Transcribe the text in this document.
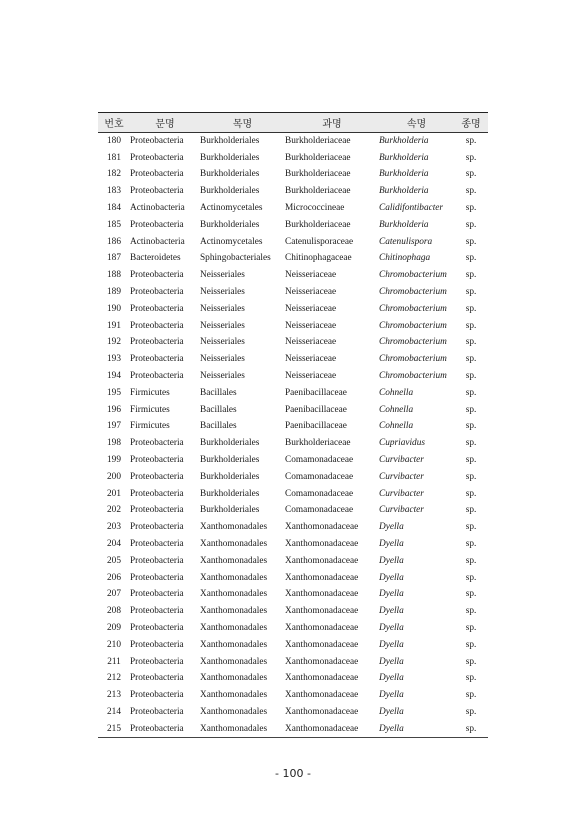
번호	문명	목명	과명	속명	종명
180	Proteobacteria	Burkholderiales	Burkholderiaceae	Burkholderia	sp.
181	Proteobacteria	Burkholderiales	Burkholderiaceae	Burkholderia	sp.
182	Proteobacteria	Burkholderiales	Burkholderiaceae	Burkholderia	sp.
183	Proteobacteria	Burkholderiales	Burkholderiaceae	Burkholderia	sp.
184	Actinobacteria	Actinomycetales	Micrococcineae	Calidifontibacter	sp.
185	Proteobacteria	Burkholderiales	Burkholderiaceae	Burkholderia	sp.
186	Actinobacteria	Actinomycetales	Catenulisporaceae	Catenulispora	sp.
187	Bacteroidetes	Sphingobacteriales	Chitinophagaceae	Chitinophaga	sp.
188	Proteobacteria	Neisseriales	Neisseriaceae	Chromobacterium	sp.
189	Proteobacteria	Neisseriales	Neisseriaceae	Chromobacterium	sp.
190	Proteobacteria	Neisseriales	Neisseriaceae	Chromobacterium	sp.
191	Proteobacteria	Neisseriales	Neisseriaceae	Chromobacterium	sp.
192	Proteobacteria	Neisseriales	Neisseriaceae	Chromobacterium	sp.
193	Proteobacteria	Neisseriales	Neisseriaceae	Chromobacterium	sp.
194	Proteobacteria	Neisseriales	Neisseriaceae	Chromobacterium	sp.
195	Firmicutes	Bacillales	Paenibacillaceae	Cohnella	sp.
196	Firmicutes	Bacillales	Paenibacillaceae	Cohnella	sp.
197	Firmicutes	Bacillales	Paenibacillaceae	Cohnella	sp.
198	Proteobacteria	Burkholderiales	Burkholderiaceae	Cupriavidus	sp.
199	Proteobacteria	Burkholderiales	Comamonadaceae	Curvibacter	sp.
200	Proteobacteria	Burkholderiales	Comamonadaceae	Curvibacter	sp.
201	Proteobacteria	Burkholderiales	Comamonadaceae	Curvibacter	sp.
202	Proteobacteria	Burkholderiales	Comamonadaceae	Curvibacter	sp.
203	Proteobacteria	Xanthomonadales	Xanthomonadaceae	Dyella	sp.
204	Proteobacteria	Xanthomonadales	Xanthomonadaceae	Dyella	sp.
205	Proteobacteria	Xanthomonadales	Xanthomonadaceae	Dyella	sp.
206	Proteobacteria	Xanthomonadales	Xanthomonadaceae	Dyella	sp.
207	Proteobacteria	Xanthomonadales	Xanthomonadaceae	Dyella	sp.
208	Proteobacteria	Xanthomonadales	Xanthomonadaceae	Dyella	sp.
209	Proteobacteria	Xanthomonadales	Xanthomonadaceae	Dyella	sp.
210	Proteobacteria	Xanthomonadales	Xanthomonadaceae	Dyella	sp.
211	Proteobacteria	Xanthomonadales	Xanthomonadaceae	Dyella	sp.
212	Proteobacteria	Xanthomonadales	Xanthomonadaceae	Dyella	sp.
213	Proteobacteria	Xanthomonadales	Xanthomonadaceae	Dyella	sp.
214	Proteobacteria	Xanthomonadales	Xanthomonadaceae	Dyella	sp.
215	Proteobacteria	Xanthomonadales	Xanthomonadaceae	Dyella	sp.
- 100 -
